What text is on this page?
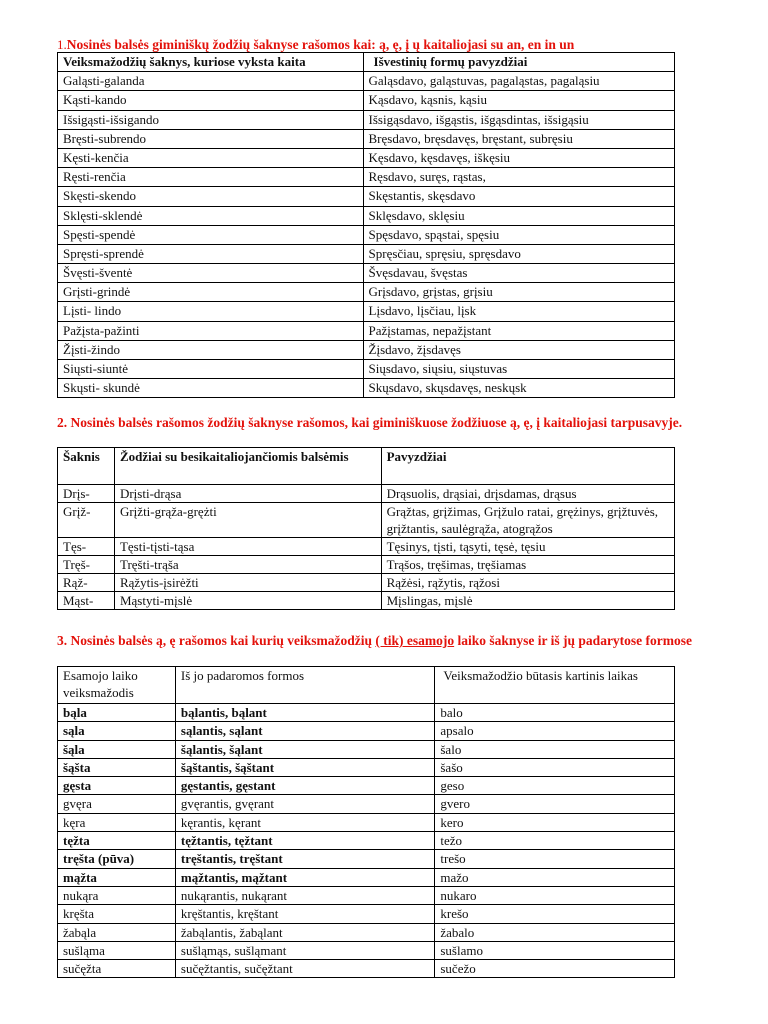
1.Nosinės balsės giminiškų žodžių šaknyse rašomos kai: ą, ę, į ų kaitaliojasi su an, en in un
Veiksmažodžių šaknys, kuriose vyksta kaita	Išvestinių formų pavyzdžiai
Galąsti-galanda	Galąsdavo, galąstuvas, pagaląstas, pagaląsiu
Kąsti-kando	Kąsdavo, kąsnis, kąsiu
Išsigąsti-išsigando	Išsigąsdavo, išgąstis, išgąsdintas, išsigąsiu
Bręsti-subrendo	Bręsdavo, bręsdavęs, bręstant, subręsiu
Kęsti-kenčia	Kęsdavo, kęsdavęs, iškęsiu
Ręsti-renčia	Ręsdavo, suręs, rąstas,
Skęsti-skendo	Skęstantis, skęsdavo
Sklęsti-sklendė	Sklęsdavo, sklęsiu
Spęsti-spendė	Spęsdavo, spąstai, spęsiu
Spręsti-sprendė	Spręsčiau, spręsiu, spręsdavo
Švęsti-šventė	Švęsdavau, švęstas
Grįsti-grindė	Grįsdavo, grįstas, grįsiu
Lįsti- lindo	Lįsdavo, lįsčiau, lįsk
Pažįsta-pažinti	Pažįstamas, nepažįstant
Žįsti-žindo	Žįsdavo, žįsdavęs
Siųsti-siuntė	Siųsdavo, siųsiu, siųstuvas
Skųsti- skundė	Skųsdavo, skųsdavęs, neskųsk
2. Nosinės balsės rašomos žodžių šaknyse rašomos, kai giminiškuose žodžiuose ą, ę, į kaitaliojasi tarpusavyje.
Šaknis	Žodžiai su besikaitaliojančiomis balsėmis	Pavyzdžiai
Drįs-	Drįsti-drąsa	Drąsuolis, drąsiai, drįsdamas, drąsus
Grįž-	Grįžti-grąža-grężti	Grąžtas, grįžimas, Grįžulo ratai, grężinys, grįžtuvės, grįžtantis, saulėgrąža, atogrąžos
Tęs-	Tęsti-tįsti-tąsa	Tęsinys, tįsti, tąsyti, tęsė, tęsiu
Tręš-	Tręšti-trąša	Trąšos, tręšimas, tręšiamas
Rąž-	Rąžytis-įsirėžti	Rąžėsi, rąžytis, rąžosi
Mąst-	Mąstyti-mįslė	Mįslingas, mįslė
3. Nosinės balsės ą, ę rašomos kai kurių veiksmažodžių ( tik) esamojo laiko šaknyse ir iš jų padarytose formose
Esamojo laiko veiksmažodis	Iš jo padaromos formos	Veiksmažodžio būtasis kartinis laikas
bąla	bąlantis, bąlant	balo
sąla	sąlantis, sąlant	apsalo
šąla	šąlantis, šąlant	šalo
šąšta	šąštantis, šąštant	šašo
gęsta	gęstantis, gęstant	geso
gvęra	gvęrantis, gvęrant	gvero
kęra	kęrantis, kęrant	kero
tęžta	tęžtantis, tęžtant	težo
tręšta (pūva)	tręštantis, tręštant	trešo
mąžta	mąžtantis, mąžtant	mažo
nukąra	nukąrantis, nukąrant	nukaro
kręšta	kręštantis, kręštant	krešo
žabąla	žabąlantis, žabąlant	žabalo
sušląma	sušląmąs, sušląmant	sušlamo
sučęžta	sučęžtantis, sučęžtant	sučežo
